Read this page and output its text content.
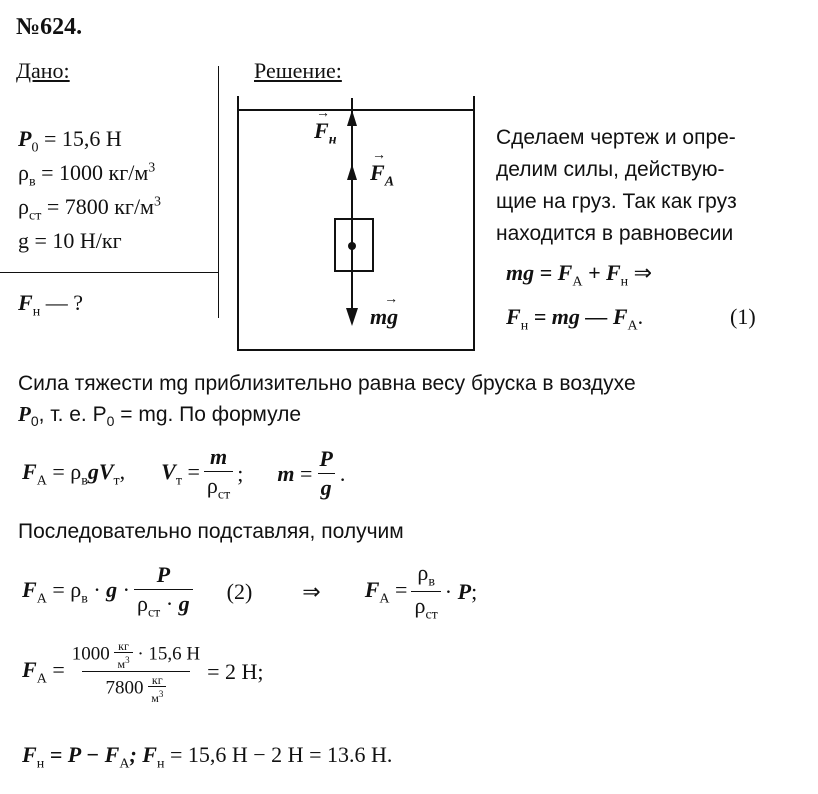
№624.
Дано:
$P_0 = 15,6$ Н
$\rho_в = 1000$ $кг/м^3$
$\rho_{ст} = 7800$ $кг/м^3$
g = 10 Н/кг
$F_н$ — ?
Решение:
→
$F_н$
→
$F_A$
mg
→
Сделаем чертеж и опре-
делим силы, действую-
щие на груз. Так как груз
находится в равновесии
mg = $F_A + F_н$ ⇒
$F_н$ = mg — $F_A$.	(1)
Сила тяжести mg приблизительно равна весу бруска в воздухе
$P_0$, т. е. $P_0$ = mg. По формуле
$F_A = \rho_вgV_т$, $V_т = \frac{m}{\rho_{ст}}$ ; $m = \frac{P}{g}$ .
Последовательно подставляя, получим
$F_A = \rho_в \cdot g \cdot \frac{P}{\rho_{ст} \cdot g} (2)$ ⇒ $F_A = \frac{\rho_в}{\rho_{ст}} \cdot P$;
$F_A = \frac{1000 \frac{кг}{м^3} \cdot 15,6 Н}{7800 \frac{кг}{м^3}} = 2$ Н;
$F_н = P - F_A$; $F_н = 15,6$ Н − 2 Н = 13.6 Н.
